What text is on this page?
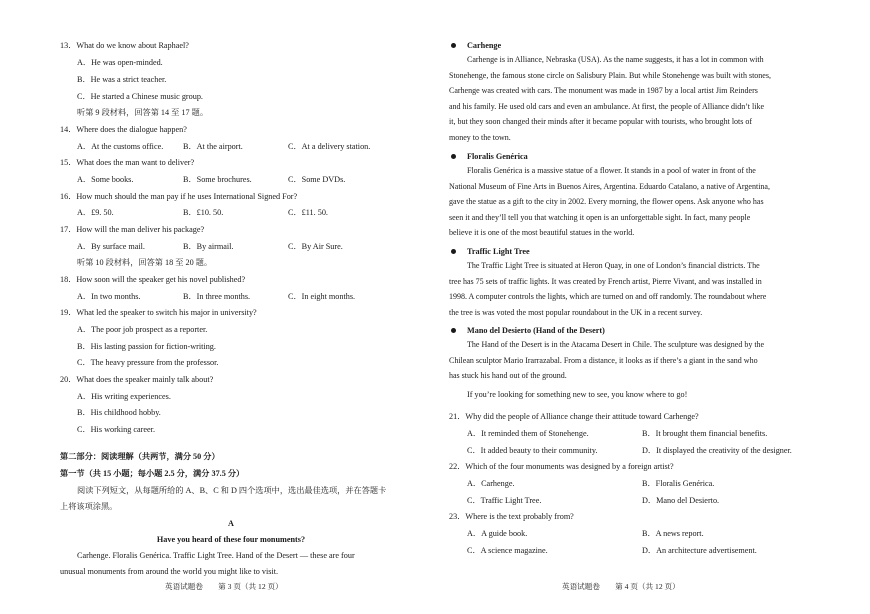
13．What do we know about Raphael?
A．He was open-minded.
B．He was a strict teacher.
C．He started a Chinese music group.
听第 9 段材料，回答第 14 至 17 题。
14．Where does the dialogue happen?
A．At the customs office. B．At the airport.	C．At a delivery station.
15．What does the man want to deliver?
A．Some books.	B．Some brochures.	C．Some DVDs.
16．How much should the man pay if he uses International Signed For?
A．£9. 50.	B．£10. 50.	C．£11. 50.
17．How will the man deliver his package?
A．By surface mail.	B．By airmail.	C．By Air Sure.
听第 10 段材料，回答第 18 至 20 题。
18．How soon will the speaker get his novel published?
A．In two months.	B．In three months.	C．In eight months.
19．What led the speaker to switch his major in university?
A．The poor job prospect as a reporter.
B．His lasting passion for fiction-writing.
C．The heavy pressure from the professor.
20．What does the speaker mainly talk about?
A．His writing experiences.
B．His childhood hobby.
C．His working career.
第二部分：阅读理解（共两节，满分 50 分）
第一节（共 15 小题；每小题 2.5 分，满分 37.5 分）
阅读下列短文，从每题所给的 A、B、C 和 D 四个选项中，选出最佳选项，并在答题卡
上将该项涂黑。
A
Have you heard of these four monuments?
Carhenge. Floralis Genérica. Traffic Light Tree. Hand of the Desert — these are four
unusual monuments from around the world you might like to visit.
英语试题卷　　第 3 页（共 12 页）
Carhenge
Carhenge is in Alliance, Nebraska (USA). As the name suggests, it has a lot in common with
Stonehenge, the famous stone circle on Salisbury Plain. But while Stonehenge was built with stones,
Carhenge was created with cars. The monument was made in 1987 by a local artist Jim Reinders
and his family. He used old cars and even an ambulance. At first, the people of Alliance didn’t like
it, but they soon changed their minds after it became popular with tourists, who brought lots of
money to the town.
Floralis Genérica
Floralis Genérica is a massive statue of a flower. It stands in a pool of water in front of the
National Museum of Fine Arts in Buenos Aires, Argentina. Eduardo Catalano, a native of Argentina,
gave the statue as a gift to the city in 2002. Every morning, the flower opens. Ask anyone who has
seen it and they’ll tell you that watching it open is an unforgettable sight. In fact, many people
believe it is one of the most beautiful statues in the world.
Traffic Light Tree
The Traffic Light Tree is situated at Heron Quay, in one of London’s financial districts. The
tree has 75 sets of traffic lights. It was created by French artist, Pierre Vivant, and was installed in
1998. A computer controls the lights, which are turned on and off randomly. The roundabout where
the tree is was voted the most popular roundabout in the UK in a recent survey.
Mano del Desierto (Hand of the Desert)
The Hand of the Desert is in the Atacama Desert in Chile. The sculpture was designed by the
Chilean sculptor Mario Irarrazabal. From a distance, it looks as if there’s a giant in the sand who
has stuck his hand out of the ground.
If you’re looking for something new to see, you know where to go!
21．Why did the people of Alliance change their attitude toward Carhenge?
A．It reminded them of Stonehenge.	B．It brought them financial benefits.
C．It added beauty to their community.	D．It displayed the creativity of the designer.
22．Which of the four monuments was designed by a foreign artist?
A．Carhenge.	B．Floralis Genérica.
C．Traffic Light Tree.	D．Mano del Desierto.
23．Where is the text probably from?
A．A guide book.	B．A news report.
C．A science magazine.	D．An architecture advertisement.
英语试题卷　　第 4 页（共 12 页）
